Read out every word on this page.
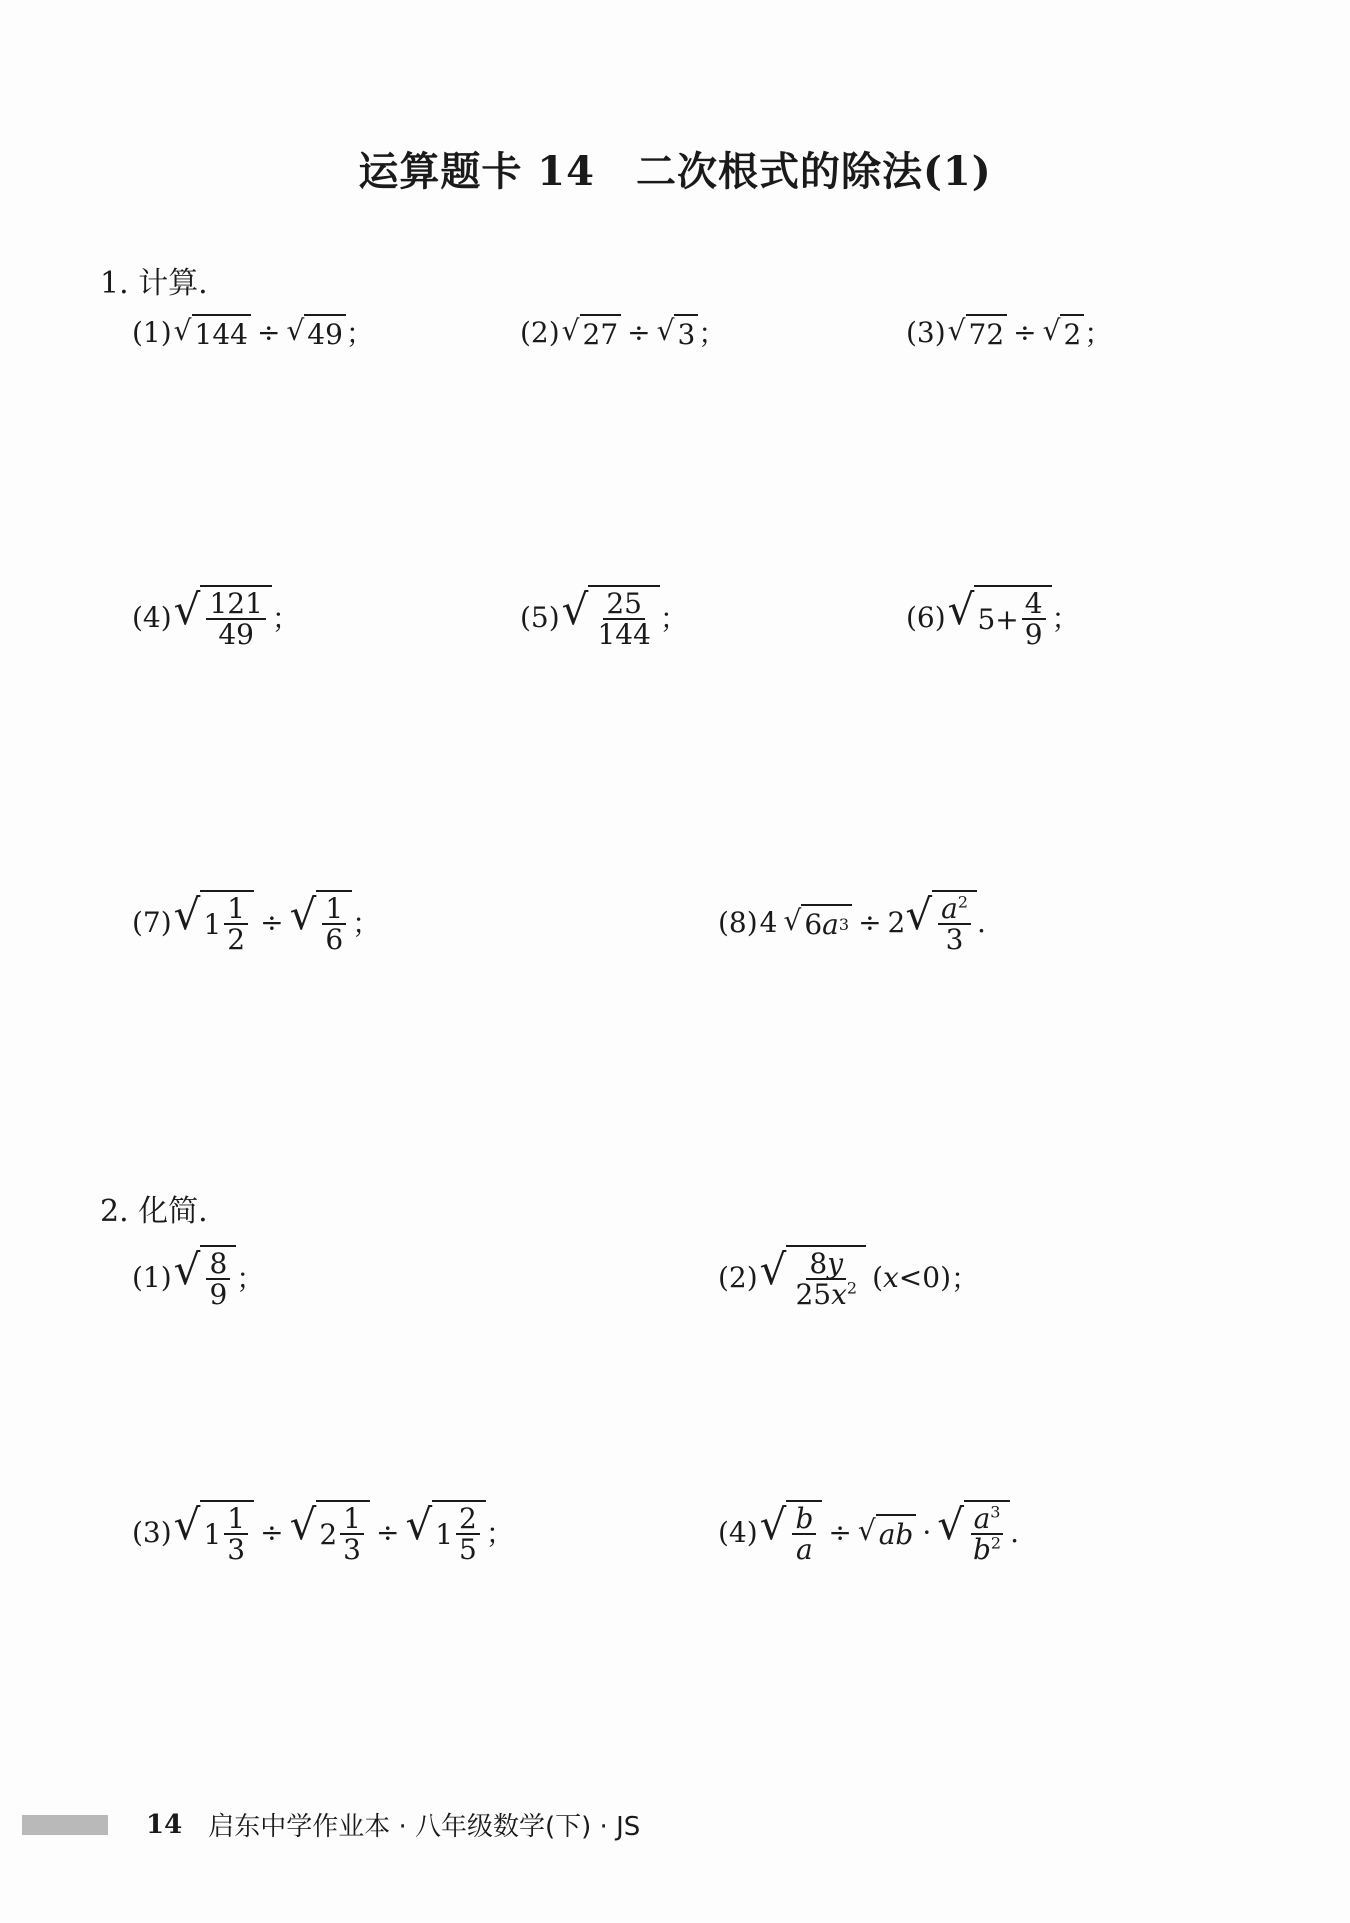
运算题卡 14　二次根式的除法(1)
1. 计算.
(1) √ 144 ÷ √ 49 ；	(2) √ 27 ÷ √ 3 ；	(3) √ 72 ÷ √ 2 ；
(4) √ $\frac{121}{49}$ ；	(5) √ $\frac{25}{144}$ ；	(6) √ $5+ \frac{4}{9}$ ；
(7) √ $1 \frac{1}{2}$ ÷ √ $\frac{1}{6}$ ；	(8) 4 √ 6 a 3 ÷ 2 √ $\frac{a^2}{3}$ .
2. 化简.
(1) √ $\frac{8}{9}$ ；	(2) √ $\frac{8y}{25x^2}$ ( x <0) ；
(3) √ $1 \frac{1}{3}$ ÷ √ $2 \frac{1}{3}$ ÷ √ $1 \frac{2}{5}$ ；	(4) √ $\frac{b}{a}$ ÷ √ ab · √ $\frac{a^3}{b^2}$ .
14 启东中学作业本 · 八年级数学(下) · JS
